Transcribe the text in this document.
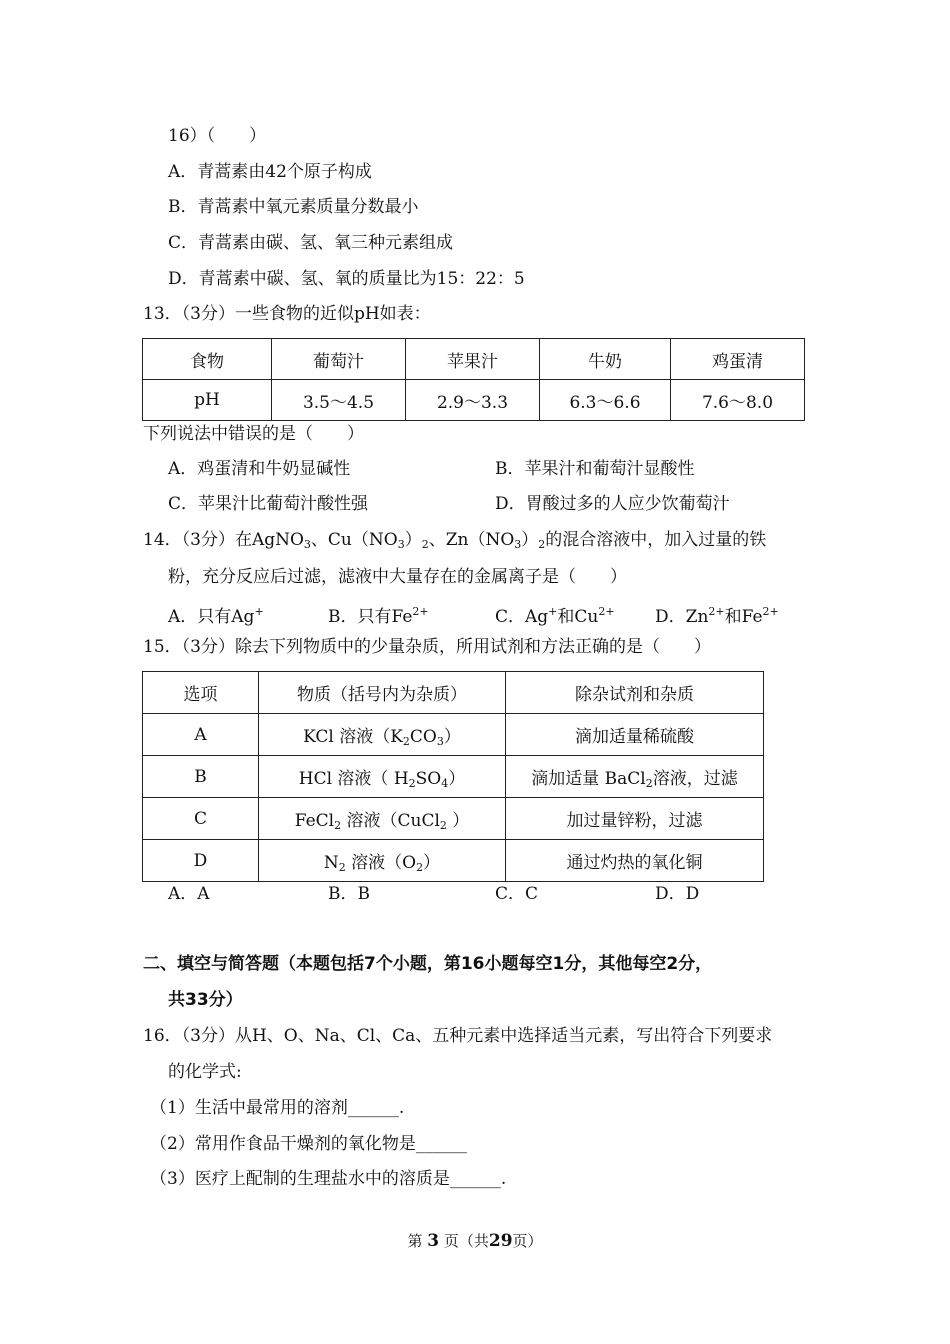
16）（　　）
A．青蒿素由42个原子构成
B．青蒿素中氧元素质量分数最小
C．青蒿素由碳、氢、氧三种元素组成
D．青蒿素中碳、氢、氧的质量比为15：22：5
13．（3分）一些食物的近似pH如表：
食物	葡萄汁	苹果汁	牛奶	鸡蛋清
pH	3.5～4.5	2.9～3.3	6.3～6.6	7.6～8.0
下列说法中错误的是（　　）
A．鸡蛋清和牛奶显碱性	B．苹果汁和葡萄汁显酸性
C．苹果汁比葡萄汁酸性强	D．胃酸过多的人应少饮葡萄汁
14．（3分）在AgNO$_3$、$Cu(NO_3)_2$、$Zn(NO_3)_2$的混合溶液中，加入过量的铁
粉，充分反应后过滤，滤液中大量存在的金属离子是（　　）
A．只有Ag+	B．只有$Fe^{2+}$	C．Ag+和$Cu^{2+}$ D．$Zn^{2+}$和$Fe^{2+}$
15．（3分）除去下列物质中的少量杂质，所用试剂和方法正确的是（　　）
选项	物质（括号内为杂质）	除杂试剂和杂质
A	KCl 溶液$(K_2CO_3)$	滴加适量稀硫酸
B	HCl 溶液（ $H_2SO_4$）	滴加适量 BaCl$_2$溶液，过滤
C	FeCl$_2$ 溶液（CuCl$_2$ ）	加过量锌粉，过滤
D	$N_2$ 溶液$(O_2)$	通过灼热的氧化铜
A．A	B．B	C．C	D．D
二、填空与简答题（本题包括7个小题，第16小题每空1分，其他每空2分，
共33分）
16．（3分）从H、O、Na、Cl、Ca、五种元素中选择适当元素，写出符合下列要求
的化学式:
（1）生活中最常用的溶剂______.
（2）常用作食品干燥剂的氧化物是______
（3）医疗上配制的生理盐水中的溶质是______.
第 3 页（共29页）
